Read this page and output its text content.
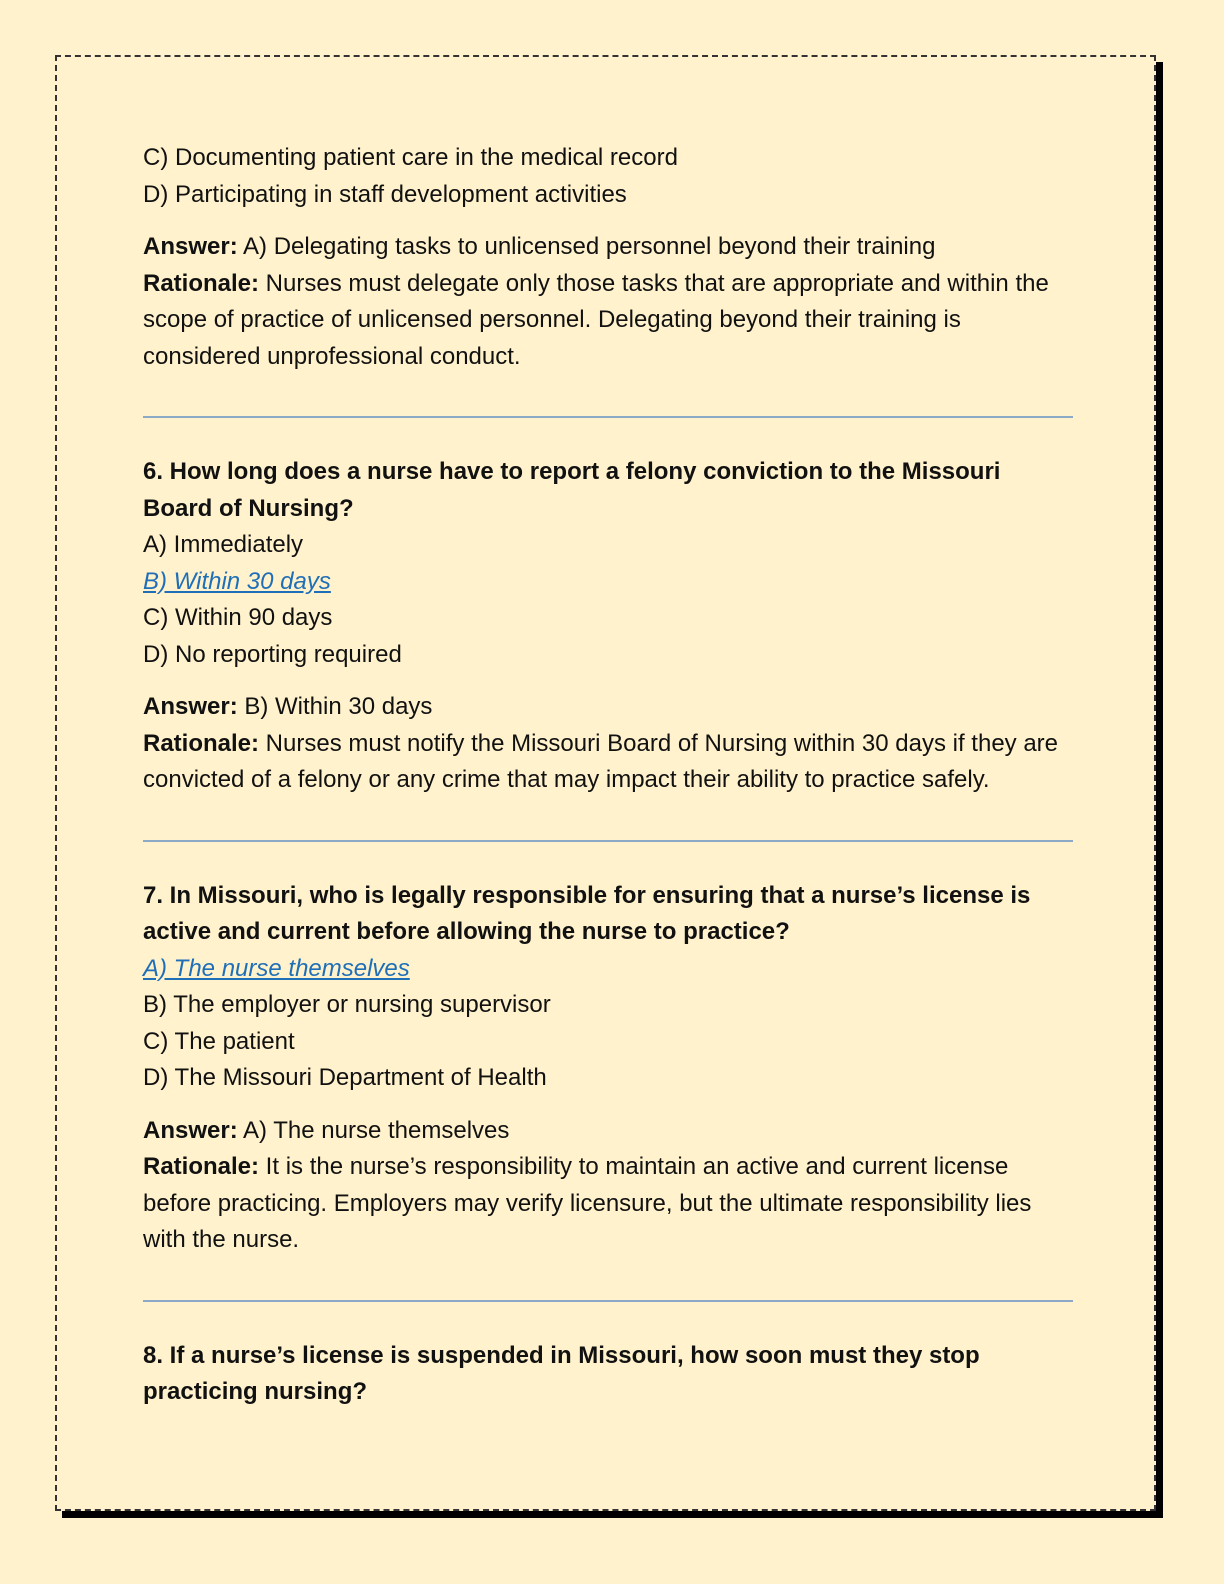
C) Documenting patient care in the medical record

D) Participating in staff development activities

Answer: A) Delegating tasks to unlicensed personnel beyond their training

Rationale: Nurses must delegate only those tasks that are appropriate and within the scope of practice of unlicensed personnel. Delegating beyond their training is considered unprofessional conduct.

6. How long does a nurse have to report a felony conviction to the Missouri Board of Nursing?

A) Immediately

B) Within 30 days

C) Within 90 days

D) No reporting required

Answer: B) Within 30 days

Rationale: Nurses must notify the Missouri Board of Nursing within 30 days if they are convicted of a felony or any crime that may impact their ability to practice safely.

7. In Missouri, who is legally responsible for ensuring that a nurse’s license is active and current before allowing the nurse to practice?

A) The nurse themselves

B) The employer or nursing supervisor

C) The patient

D) The Missouri Department of Health

Answer: A) The nurse themselves

Rationale: It is the nurse’s responsibility to maintain an active and current license before practicing. Employers may verify licensure, but the ultimate responsibility lies with the nurse.

8. If a nurse’s license is suspended in Missouri, how soon must they stop practicing nursing?
